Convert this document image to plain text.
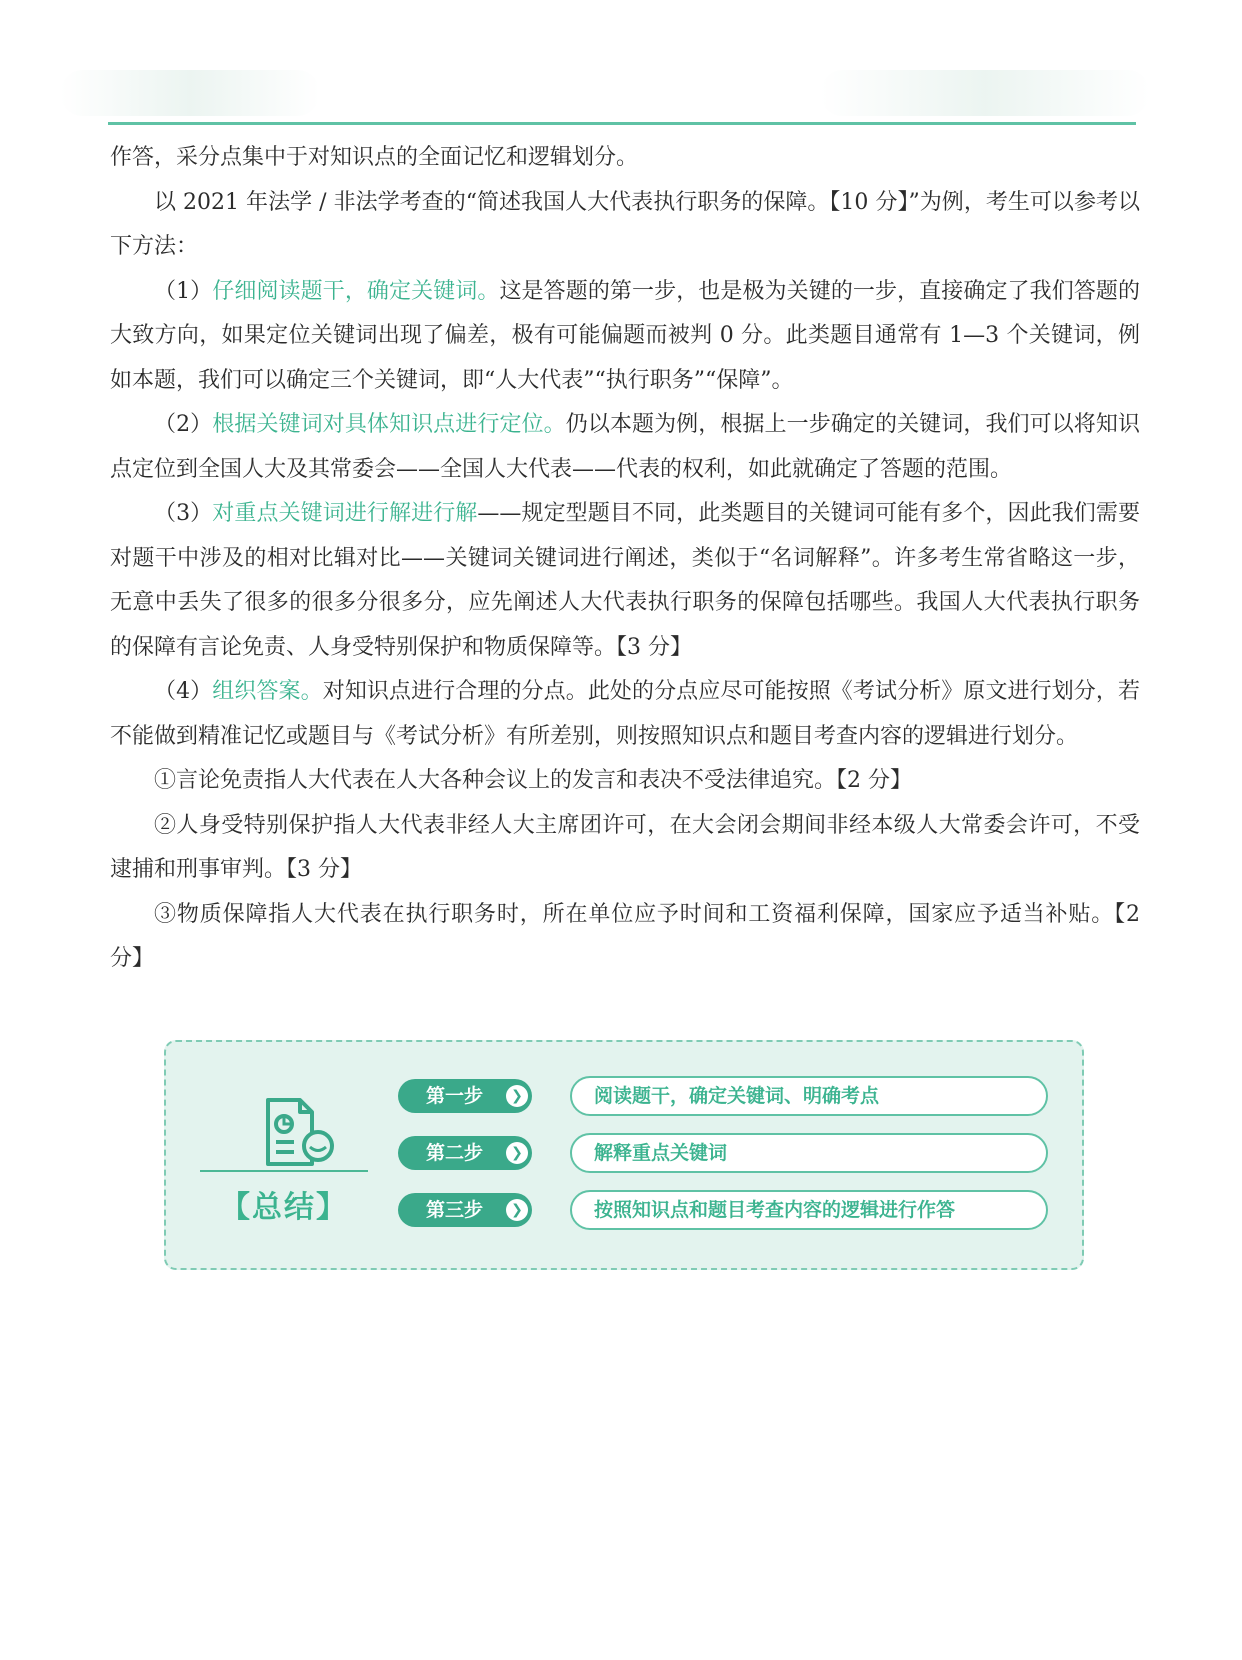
作答，采分点集中于对知识点的全面记忆和逻辑划分。

以 2021 年法学 / 非法学考查的“简述我国人大代表执行职务的保障。【10 分】”为例，考生可以参考以下方法：

（1）仔细阅读题干，确定关键词。这是答题的第一步，也是极为关键的一步，直接确定了我们答题的大致方向，如果定位关键词出现了偏差，极有可能偏题而被判 0 分。此类题目通常有 1—3 个关键词，例如本题，我们可以确定三个关键词，即“人大代表”“执行职务”“保障”。

（2）根据关键词对具体知识点进行定位。仍以本题为例，根据上一步确定的关键词，我们可以将知识点定位到全国人大及其常委会——全国人大代表——代表的权利，如此就确定了答题的范围。

（3）对重点关键词进行解进行解——规定型题目不同，此类题目的关键词可能有多个，因此我们需要对题干中涉及的相对比辑对比——关键词关键词进行阐述，类似于“名词解释”。许多考生常省略这一步，无意中丢失了很多的很多分很多分，应先阐述人大代表执行职务的保障包括哪些。我国人大代表执行职务的保障有言论免责、人身受特别保护和物质保障等。【3 分】

（4）组织答案。对知识点进行合理的分点。此处的分点应尽可能按照《考试分析》原文进行划分，若不能做到精准记忆或题目与《考试分析》有所差别，则按照知识点和题目考查内容的逻辑进行划分。

①言论免责指人大代表在人大各种会议上的发言和表决不受法律追究。【2 分】

②人身受特别保护指人大代表非经人大主席团许可，在大会闭会期间非经本级人大常委会许可，不受逮捕和刑事审判。【3 分】

③物质保障指人大代表在执行职务时，所在单位应予时间和工资福利保障，国家应予适当补贴。【2 分】

【总结】
第一步	❯	阅读题干，确定关键词、明确考点
第二步	❯	解释重点关键词
第三步	❯	按照知识点和题目考查内容的逻辑进行作答
